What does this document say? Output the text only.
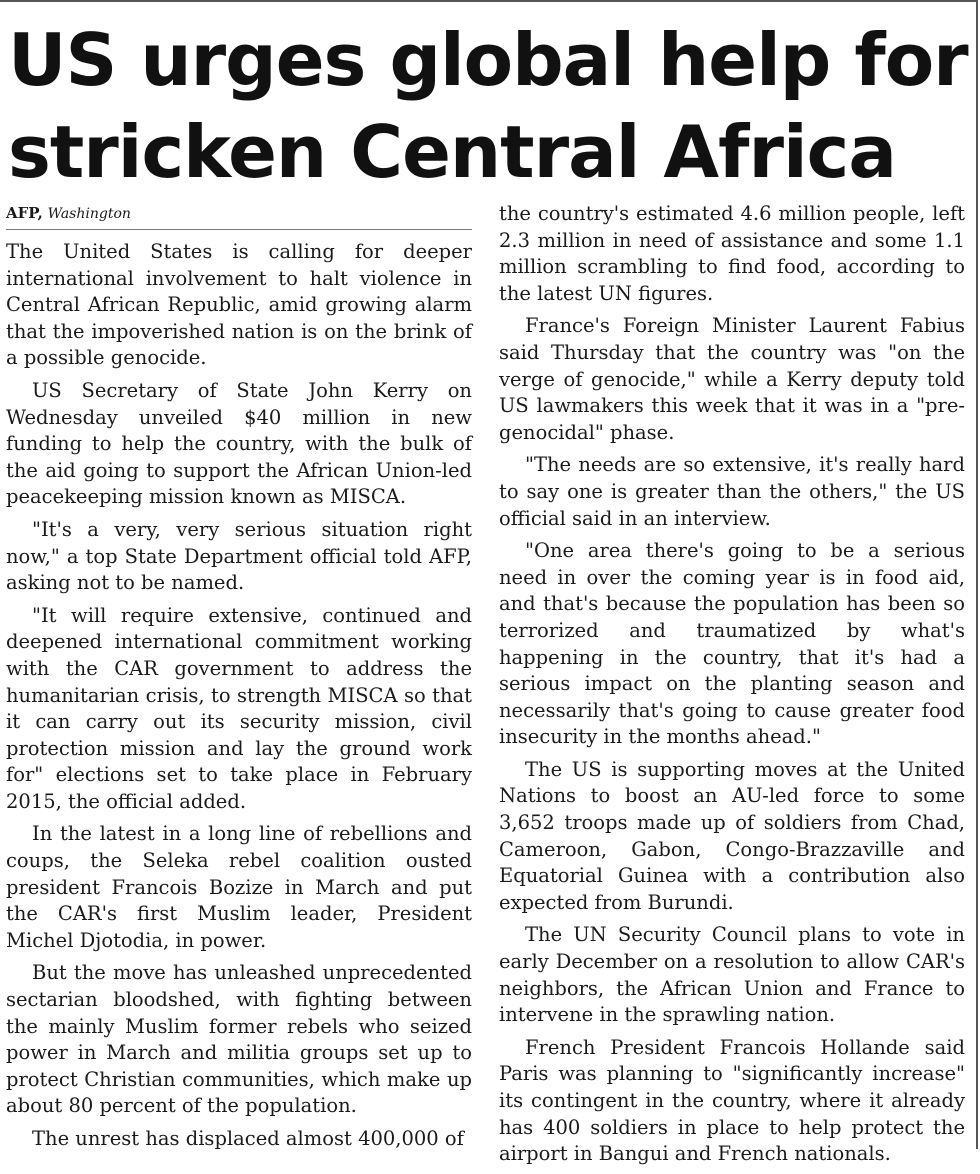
US urges global help for stricken Central Africa
AFP, Washington

The United States is calling for deeper international involvement to halt violence in Central African Republic, amid growing alarm that the impoverished nation is on the brink of a possible genocide.

US Secretary of State John Kerry on Wednesday unveiled $40 million in new funding to help the country, with the bulk of the aid going to support the African Union-led peacekeeping mission known as MISCA.

"It's a very, very serious situation right now," a top State Department official told AFP, asking not to be named.

"It will require extensive, continued and deepened international commitment working with the CAR government to address the humanitarian crisis, to strength MISCA so that it can carry out its security mission, civil protection mission and lay the ground work for" elections set to take place in February 2015, the official added.

In the latest in a long line of rebellions and coups, the Seleka rebel coalition ousted president Francois Bozize in March and put the CAR's first Muslim leader, President Michel Djotodia, in power.

But the move has unleashed unprecedented sectarian bloodshed, with fighting between the mainly Muslim former rebels who seized power in March and militia groups set up to protect Christian communities, which make up about 80 percent of the population.

The unrest has displaced almost 400,000 of

the country's estimated 4.6 million people, left 2.3 million in need of assistance and some 1.1 million scrambling to find food, according to the latest UN figures.

France's Foreign Minister Laurent Fabius said Thursday that the country was "on the verge of genocide," while a Kerry deputy told US lawmakers this week that it was in a "pre-genocidal" phase.

"The needs are so extensive, it's really hard to say one is greater than the others," the US official said in an interview.

"One area there's going to be a serious need in over the coming year is in food aid, and that's because the population has been so terrorized and traumatized by what's happening in the country, that it's had a serious impact on the planting season and necessarily that's going to cause greater food insecurity in the months ahead."

The US is supporting moves at the United Nations to boost an AU-led force to some 3,652 troops made up of soldiers from Chad, Cameroon, Gabon, Congo-Brazzaville and Equatorial Guinea with a contribution also expected from Burundi.

The UN Security Council plans to vote in early December on a resolution to allow CAR's neighbors, the African Union and France to intervene in the sprawling nation.

French President Francois Hollande said Paris was planning to "significantly increase" its contingent in the country, where it already has 400 soldiers in place to help protect the airport in Bangui and French nationals.
